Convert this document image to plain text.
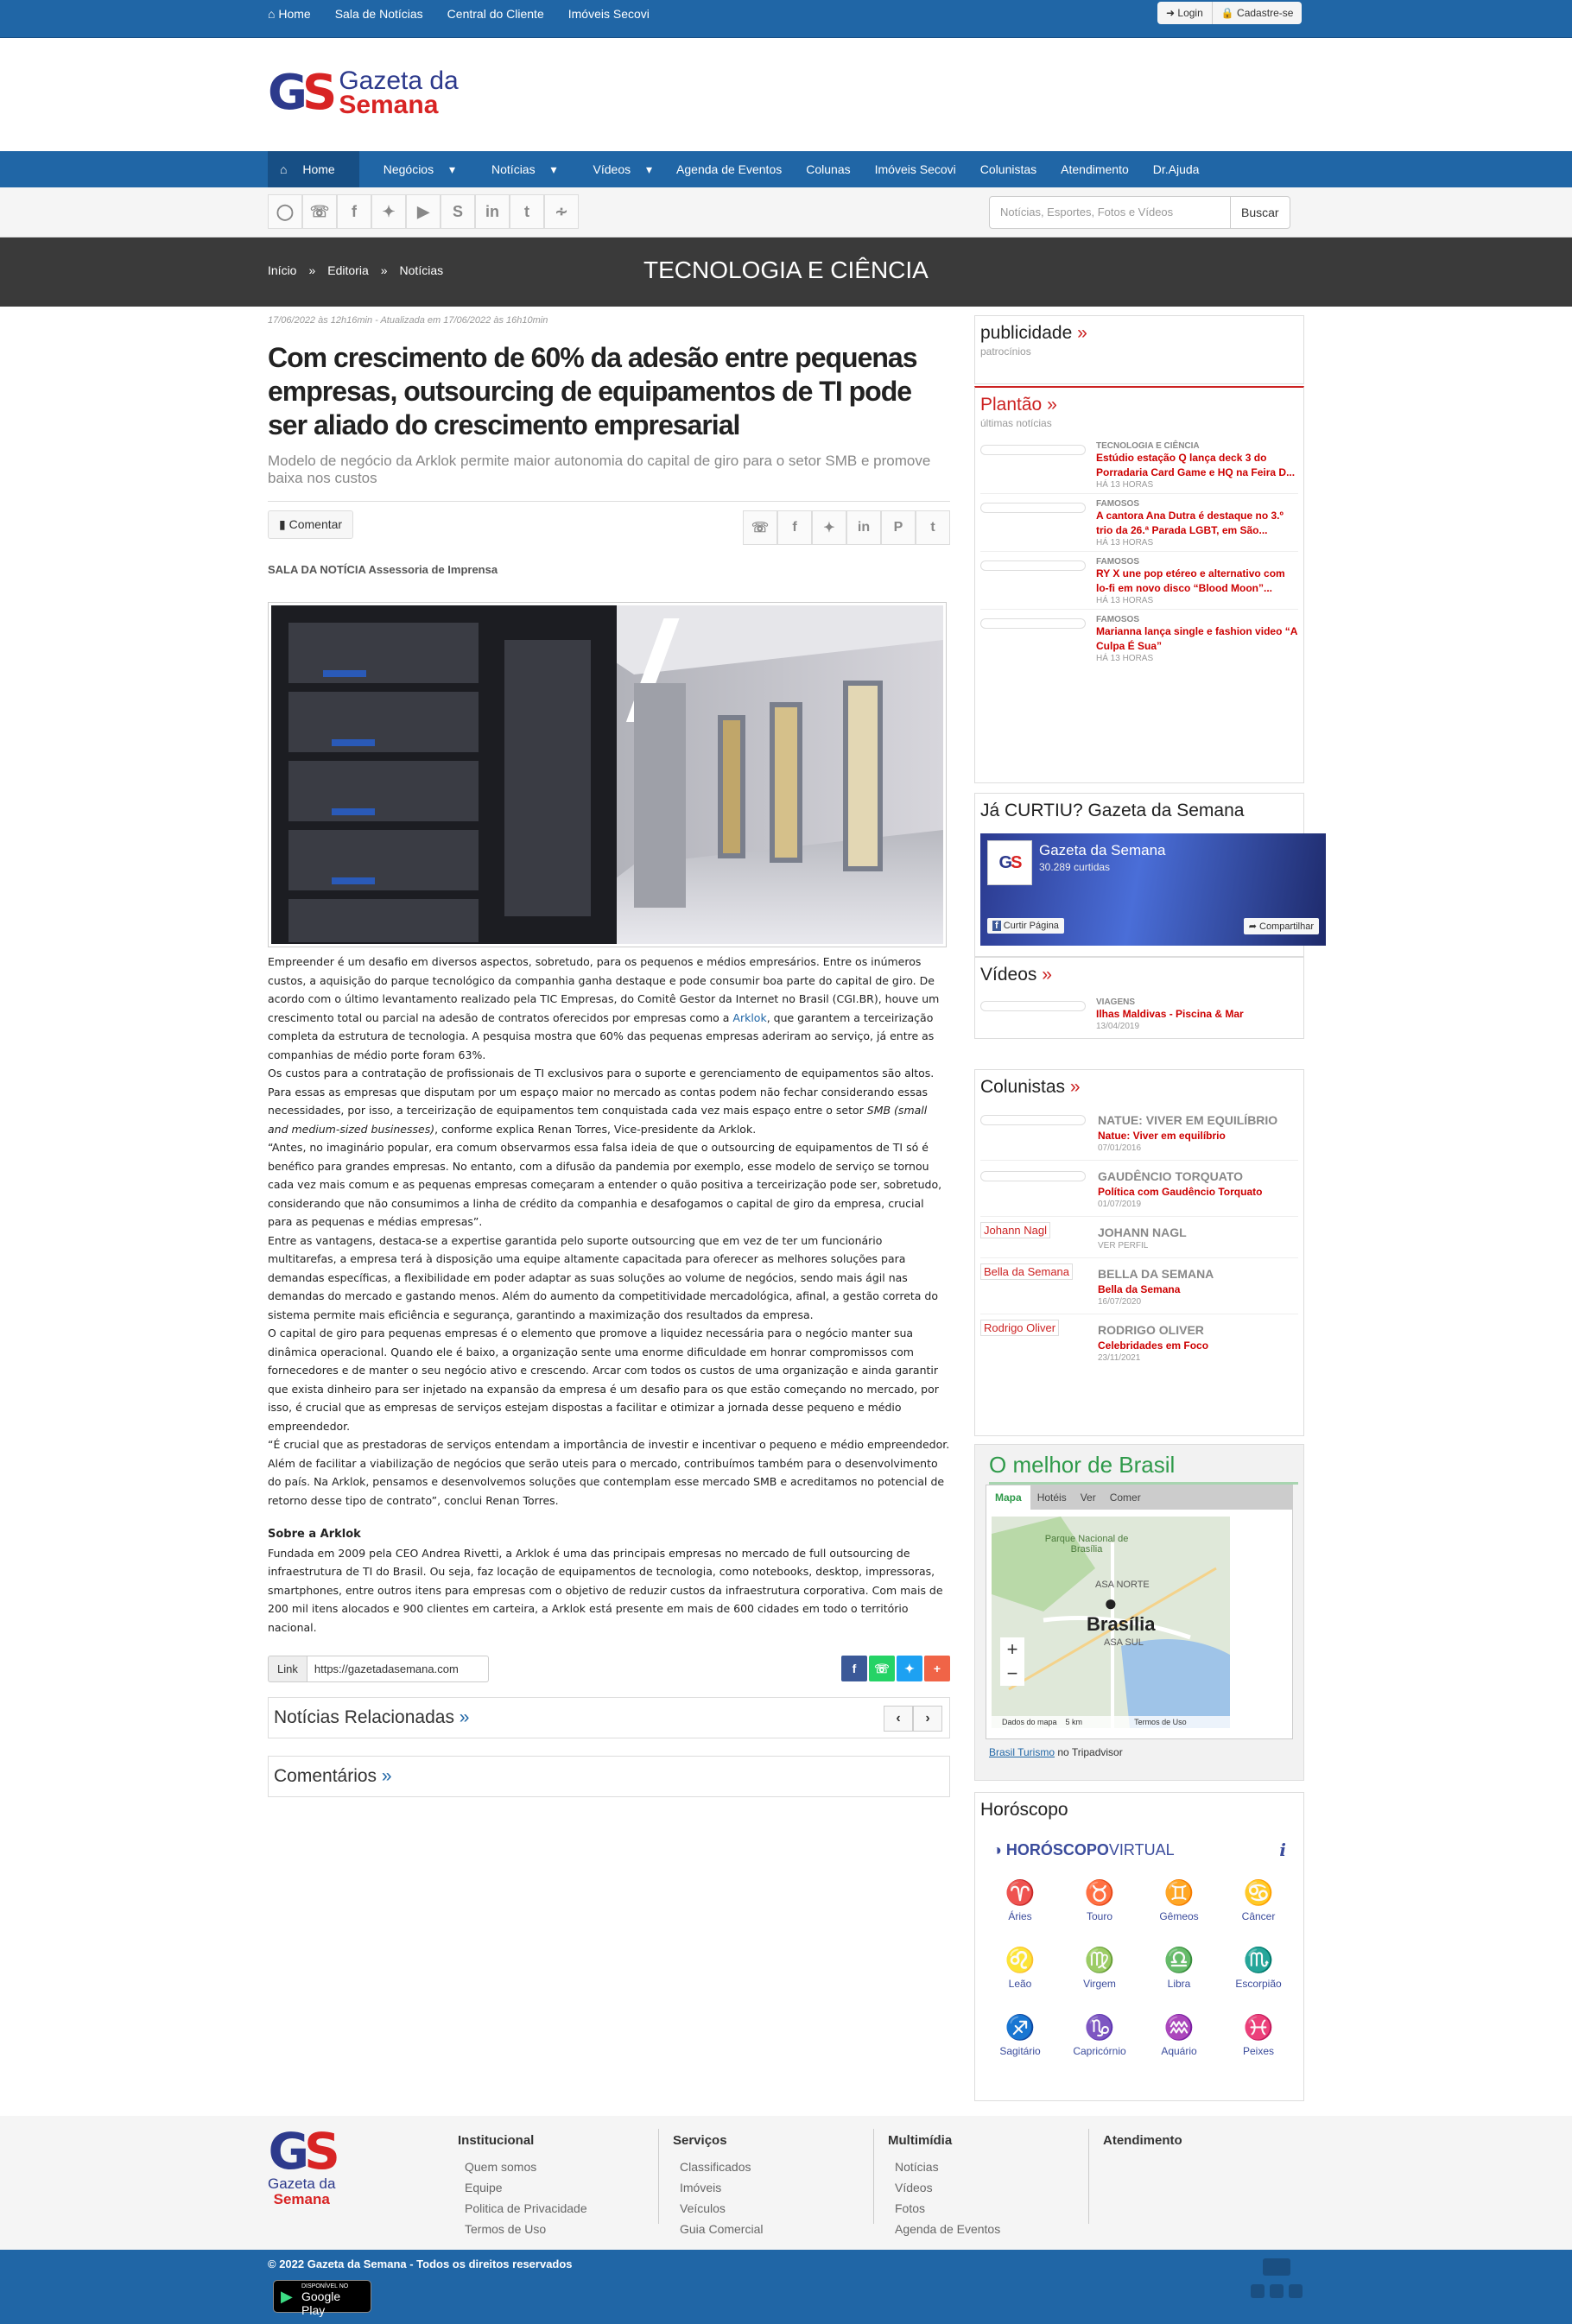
⌂ Home Sala de Notícias Central do Cliente Imóveis Secovi	➜ Login	🔒 Cadastre-se
GS Gazeta da
Semana
⌂ Home	Negócios ▾	Notícias ▾	Vídeos ▾	Agenda de Eventos	Colunas	Imóveis Secovi	Colunistas	Atendimento	Dr.Ajuda
◯	☏	f	✦	▶	S	in	t	∻	Notícias, Esportes, Fotos e Vídeos	Buscar
Início » Editoria » Notícias	TECNOLOGIA E CIÊNCIA
17/06/2022 às 12h16min - Atualizada em 17/06/2022 às 16h10min
Com crescimento de 60% da adesão entre pequenas empresas, outsourcing de equipamentos de TI pode ser aliado do crescimento empresarial
Modelo de negócio da Arklok permite maior autonomia do capital de giro para o setor SMB e promove baixa nos custos
▮ Comentar	☏	f	✦	in	P	t
SALA DA NOTÍCIA Assessoria de Imprensa

Empreender é um desafio em diversos aspectos, sobretudo, para os pequenos e médios empresários. Entre os inúmeros custos, a aquisição do parque tecnológico da companhia ganha destaque e pode consumir boa parte do capital de giro. De acordo com o último levantamento realizado pela TIC Empresas, do Comitê Gestor da Internet no Brasil (CGI.BR), houve um crescimento total ou parcial na adesão de contratos oferecidos por empresas como a Arklok, que garantem a terceirização completa da estrutura de tecnologia. A pesquisa mostra que 60% das pequenas empresas aderiram ao serviço, já entre as companhias de médio porte foram 63%.

Os custos para a contratação de profissionais de TI exclusivos para o suporte e gerenciamento de equipamentos são altos. Para essas as empresas que disputam por um espaço maior no mercado as contas podem não fechar considerando essas necessidades, por isso, a terceirização de equipamentos tem conquistada cada vez mais espaço entre o setor SMB (small and medium-sized businesses), conforme explica Renan Torres, Vice-presidente da Arklok.

“Antes, no imaginário popular, era comum observarmos essa falsa ideia de que o outsourcing de equipamentos de TI só é benéfico para grandes empresas. No entanto, com a difusão da pandemia por exemplo, esse modelo de serviço se tornou cada vez mais comum e as pequenas empresas começaram a entender o quão positiva a terceirização pode ser, sobretudo, considerando que não consumimos a linha de crédito da companhia e desafogamos o capital de giro da empresa, crucial para as pequenas e médias empresas”.

Entre as vantagens, destaca-se a expertise garantida pelo suporte outsourcing que em vez de ter um funcionário multitarefas, a empresa terá à disposição uma equipe altamente capacitada para oferecer as melhores soluções para demandas específicas, a flexibilidade em poder adaptar as suas soluções ao volume de negócios, sendo mais ágil nas demandas do mercado e gastando menos. Além do aumento da competitividade mercadológica, afinal, a gestão correta do sistema permite mais eficiência e segurança, garantindo a maximização dos resultados da empresa.

O capital de giro para pequenas empresas é o elemento que promove a liquidez necessária para o negócio manter sua dinâmica operacional. Quando ele é baixo, a organização sente uma enorme dificuldade em honrar compromissos com fornecedores e de manter o seu negócio ativo e crescendo. Arcar com todos os custos de uma organização e ainda garantir que exista dinheiro para ser injetado na expansão da empresa é um desafio para os que estão começando no mercado, por isso, é crucial que as empresas de serviços estejam dispostas a facilitar e otimizar a jornada desse pequeno e médio empreendedor.

“É crucial que as prestadoras de serviços entendam a importância de investir e incentivar o pequeno e médio empreendedor. Além de facilitar a viabilização de negócios que serão uteis para o mercado, contribuímos também para o desenvolvimento do país. Na Arklok, pensamos e desenvolvemos soluções que contemplam esse mercado SMB e acreditamos no potencial de retorno desse tipo de contrato”, conclui Renan Torres.

Sobre a Arklok

Fundada em 2009 pela CEO Andrea Rivetti, a Arklok é uma das principais empresas no mercado de full outsourcing de infraestrutura de TI do Brasil. Ou seja, faz locação de equipamentos de tecnologia, como notebooks, desktop, impressoras, smartphones, entre outros itens para empresas com o objetivo de reduzir custos da infraestrutura corporativa. Com mais de 200 mil itens alocados e 900 clientes em carteira, a Arklok está presente em mais de 600 cidades em todo o território nacional.

Link	https://gazetadasemana.com	f	☏	✦	+
Notícias Relacionadas
»	‹	›
Comentários
»
publicidade »
patrocínios
Plantão »
últimas notícias
TECNOLOGIA E CIÊNCIA
Estúdio estação Q lança deck 3 do Porradaria Card Game e HQ na Feira D...
HÁ 13 HORAS
FAMOSOS
A cantora Ana Dutra é destaque no 3.º trio da 26.ª Parada LGBT, em São...
HÁ 13 HORAS
FAMOSOS
RY X une pop etéreo e alternativo com lo-fi em novo disco “Blood Moon”...
HÁ 13 HORAS
FAMOSOS
Marianna lança single e fashion video “A Culpa É Sua”
HÁ 13 HORAS
Já CURTIU? Gazeta da Semana
GS
Gazeta da Semana
30.289 curtidas
f Curtir Página	➦ Compartilhar
Vídeos »
VIAGENS
Ilhas Maldivas - Piscina & Mar
13/04/2019
Colunistas »
NATUE: VIVER EM EQUILÍBRIO
Natue: Viver em equilíbrio
07/01/2016
GAUDÊNCIO TORQUATO
Política com Gaudêncio Torquato
01/07/2019
Johann Nagl	JOHANN NAGL
VER PERFIL
Bella da Semana	BELLA DA SEMANA
Bella da Semana
16/07/2020
Rodrigo Oliver	RODRIGO OLIVER
Celebridades em Foco
23/11/2021
O melhor de Brasil
Mapa	Hotéis	Ver	Comer
Parque Nacional de Brasília
ASA NORTE
●
Brasília
ASA SUL
+
−
Dados do mapa 5 km	Termos de Uso
Brasil Turismo no Tripadvisor
Horóscopo
◑ HORÓSCOPOVIRTUAL	i
♈
Áries
♉
Touro
♊
Gêmeos
♋
Câncer
♌
Leão
♍
Virgem
♎
Libra
♏
Escorpião
♐
Sagitário
♑
Capricórnio
♒
Aquário
♓
Peixes
GS
Gazeta da
Semana
Institucional
Quem somos
Equipe
Politica de Privacidade
Termos de Uso
Serviços
Classificados
Imóveis
Veículos
Guia Comercial
Multimídia
Notícias
Vídeos
Fotos
Agenda de Eventos
Atendimento
© 2022 Gazeta da Semana - Todos os direitos reservados
▶
DISPONÍVEL NO
Google Play
